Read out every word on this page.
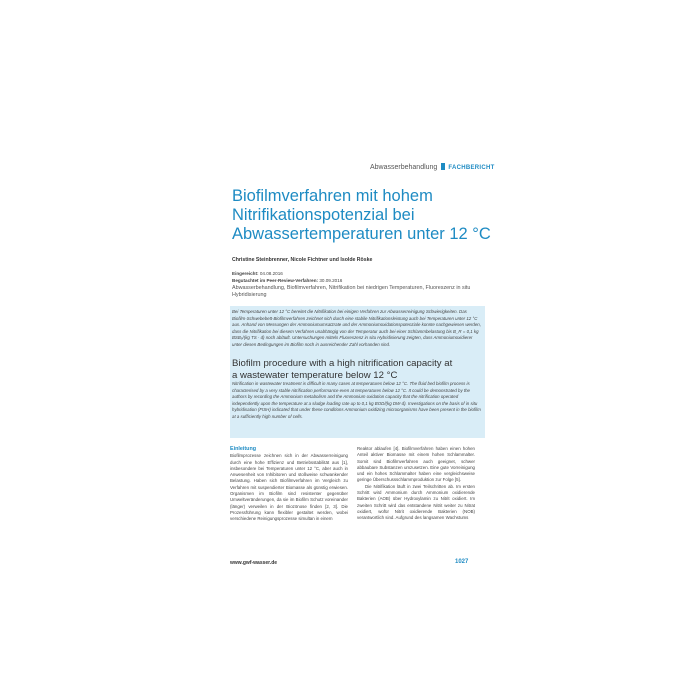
Abwasserbehandlung FACHBERICHT
Biofilmverfahren mit hohem
Nitrifikationspotenzial bei
Abwassertemperaturen unter 12 °C
Christine Steinbrenner, Nicole Fichtner und Isolde Röske
Eingereicht: 04.08.2016
Begutachtet im Peer-Review-Verfahren: 30.09.2016
Abwasserbehandlung, Biofilmverfahren, Nitrifikation bei niedrigen Temperaturen, Fluoreszenz in situ Hybridisierung
Bei Temperaturen unter 12 °C bereitet die Nitrifikation bei einigen Verfahren zur Abwasserreinigung Schwierigkeiten. Das Biofilm-Schwebebett-Biofilmverfahren zeichnet sich durch eine stabile Nitrifikationsleistung auch bei Temperaturen unter 12 °C aus. Anhand von Messungen der Ammoniumumsatzrate und der Ammoniumoxidationspotenziale konnte nachgewiesen werden, dass die Nitrifikation bei diesem Verfahren unabhängig von der Temperatur auch bei einer Schlammbelastung bis B_R = 0,1 kg BSB₅/(kg TS · d) noch abläuft. Untersuchungen mittels Fluoreszenz in situ Hybridisierung zeigten, dass Ammoniumoxidierer unter diesen Bedingungen im Biofilm noch in ausreichender Zahl vorhanden sind.
Biofilm procedure with a high nitrification capacity at
a wastewater temperature below 12 °C
Nitrification in wastewater treatment is difficult in many cases at temperatures below 12 °C. The fluid bed biofilm process is characterised by a very stable nitrification performance even at temperatures below 12 °C. It could be demonstrated by the authors by recording the Ammonium metabolism and the Ammonium oxidation capacity that the nitrification operated independently upon the temperature at a sludge loading rate up to 0,1 kg BOD/(kg DW·d). Investigations on the basis of in situ hybridisation (FISH) indicated that under these conditions Ammonium oxidizing microorganisms have been present in the biofilm at a sufficiently high number of cells.
Einleitung
Biofilmprozesse zeichnen sich in der Abwasserreinigung durch eine hohe Effizienz und Betriebsstabilität aus [1], insbesondere bei Temperaturen unter 12 °C, aber auch in Anwesenheit von Inhibitoren und stoßweise schwankender Belastung. Haben sich Biofilmverfahren im Vergleich zu Verfahren mit suspendierter Biomasse als günstig erwiesen. Organismen im Biofilm sind resistenter gegenüber Umweltveränderungen, da sie im Biofilm Schutz voreinander (länger) verweilen in der Biozönose finden [2, 3]. Die Prozessführung kann flexibler gestaltet werden, wobei verschiedene Reinigungsprozesse simultan in einem
Reaktor ablaufen [4]. Biofilmverfahren haben einen hohen Anteil aktiver Biomasse mit einem hohen Schlammalter. Somit sind Biofilmverfahren auch geeignet, schwer abbaubare Substanzen umzusetzen. Eine gute Vorreinigung und ein hohes Schlammalter haben eine vergleichsweise geringe Überschussschlammproduktion zur Folge [5].
Die Nitrifikation läuft in zwei Teilschritten ab. Im ersten Schritt wird Ammonium durch Ammonium oxidierende Bakterien (AOB) über Hydroxylamin zu Nitrit oxidiert. Im zweiten Schritt wird das entstandene Nitrit weiter zu Nitrat oxidiert, wofür Nitrit oxidierende Bakterien (NOB) verantwortlich sind. Aufgrund des langsamen Wachstums
www.gwf-wasser.de	1027
